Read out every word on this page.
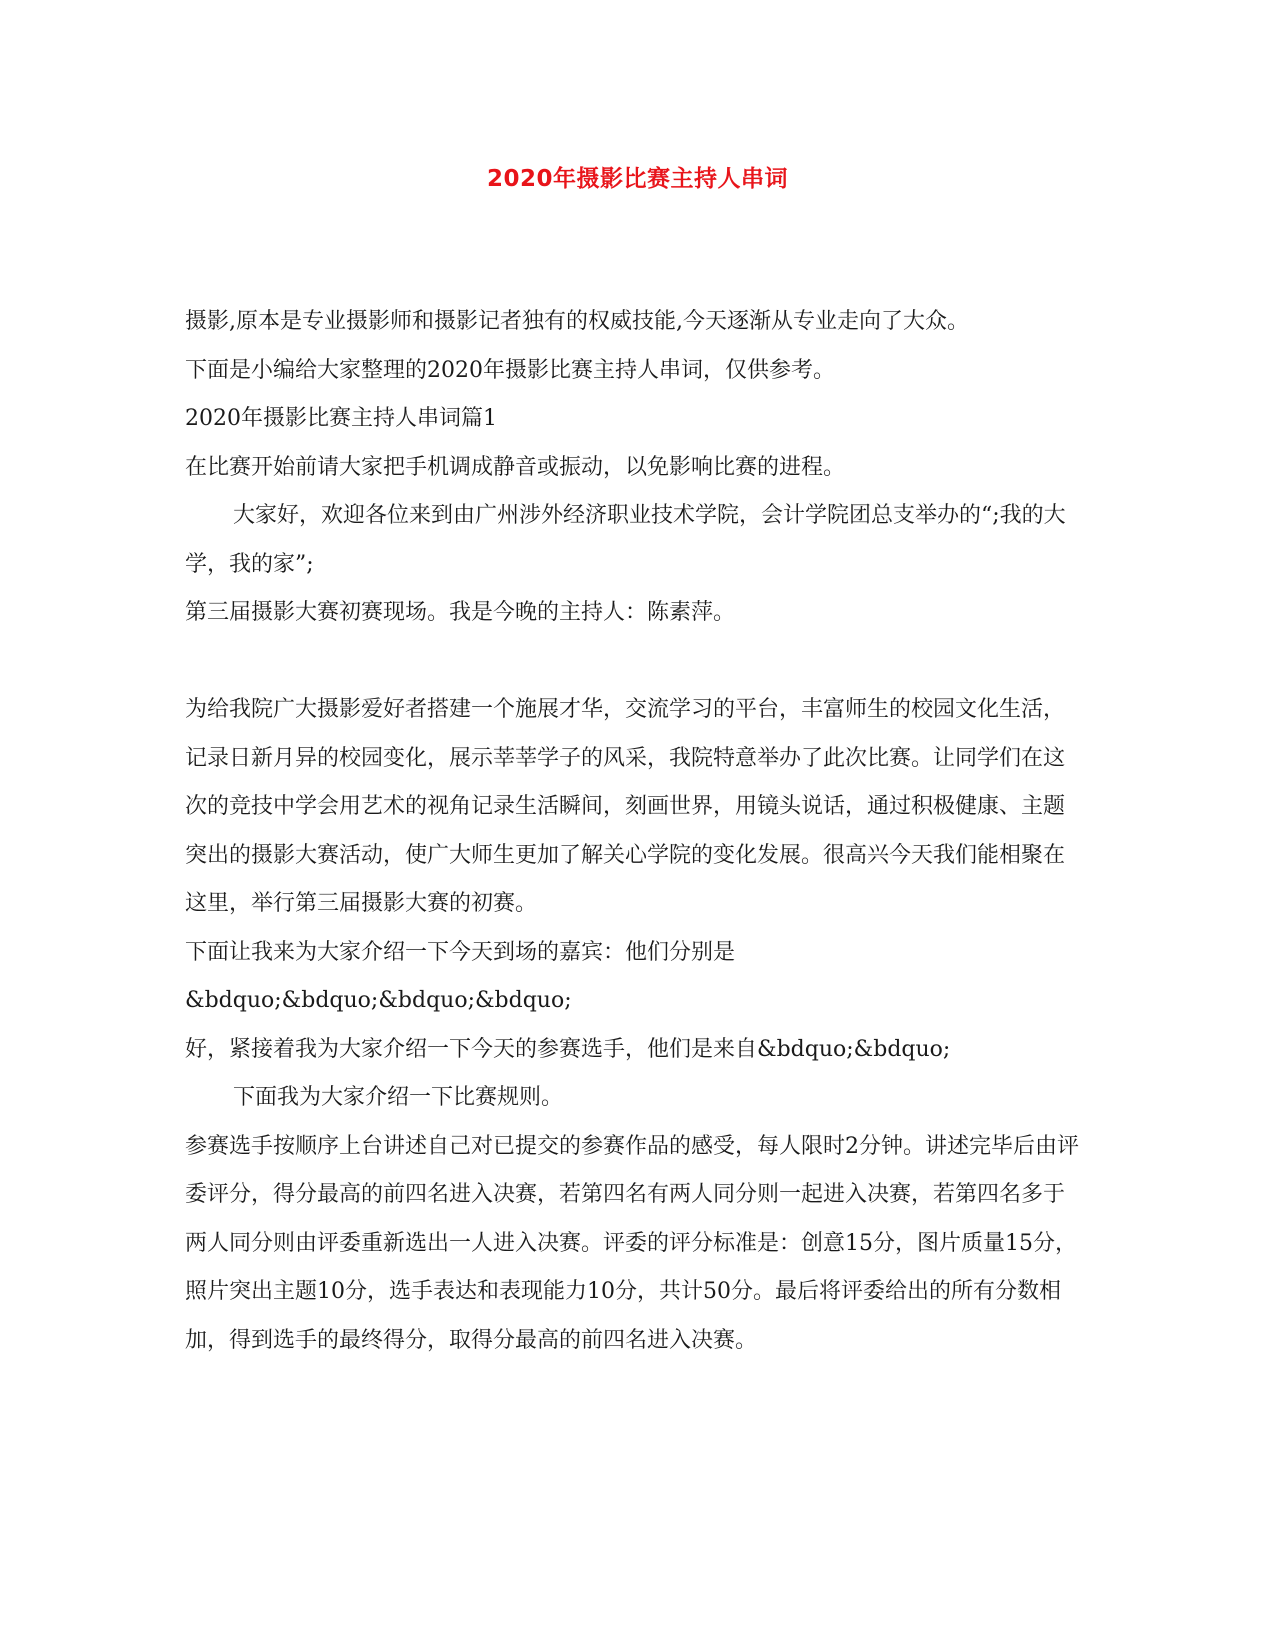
2020年摄影比赛主持人串词

摄影,原本是专业摄影师和摄影记者独有的权威技能,今天逐渐从专业走向了大众。

下面是小编给大家整理的2020年摄影比赛主持人串词，仅供参考。

2020年摄影比赛主持人串词篇1

在比赛开始前请大家把手机调成静音或振动，以免影响比赛的进程。

大家好，欢迎各位来到由广州涉外经济职业技术学院，会计学院团总支举办的“;我的大学，我的家”;

第三届摄影大赛初赛现场。我是今晚的主持人：陈素萍。

为给我院广大摄影爱好者搭建一个施展才华，交流学习的平台，丰富师生的校园文化生活，记录日新月异的校园变化，展示莘莘学子的风采，我院特意举办了此次比赛。让同学们在这次的竞技中学会用艺术的视角记录生活瞬间，刻画世界，用镜头说话，通过积极健康、主题突出的摄影大赛活动，使广大师生更加了解关心学院的变化发展。很高兴今天我们能相聚在这里，举行第三届摄影大赛的初赛。

下面让我来为大家介绍一下今天到场的嘉宾：他们分别是&bdquo;&bdquo;&bdquo;&bdquo;

好，紧接着我为大家介绍一下今天的参赛选手，他们是来自&bdquo;&bdquo;

下面我为大家介绍一下比赛规则。

参赛选手按顺序上台讲述自己对已提交的参赛作品的感受，每人限时2分钟。讲述完毕后由评委评分，得分最高的前四名进入决赛，若第四名有两人同分则一起进入决赛，若第四名多于两人同分则由评委重新选出一人进入决赛。评委的评分标准是：创意15分，图片质量15分，照片突出主题10分，选手表达和表现能力10分，共计50分。最后将评委给出的所有分数相加，得到选手的最终得分，取得分最高的前四名进入决赛。
